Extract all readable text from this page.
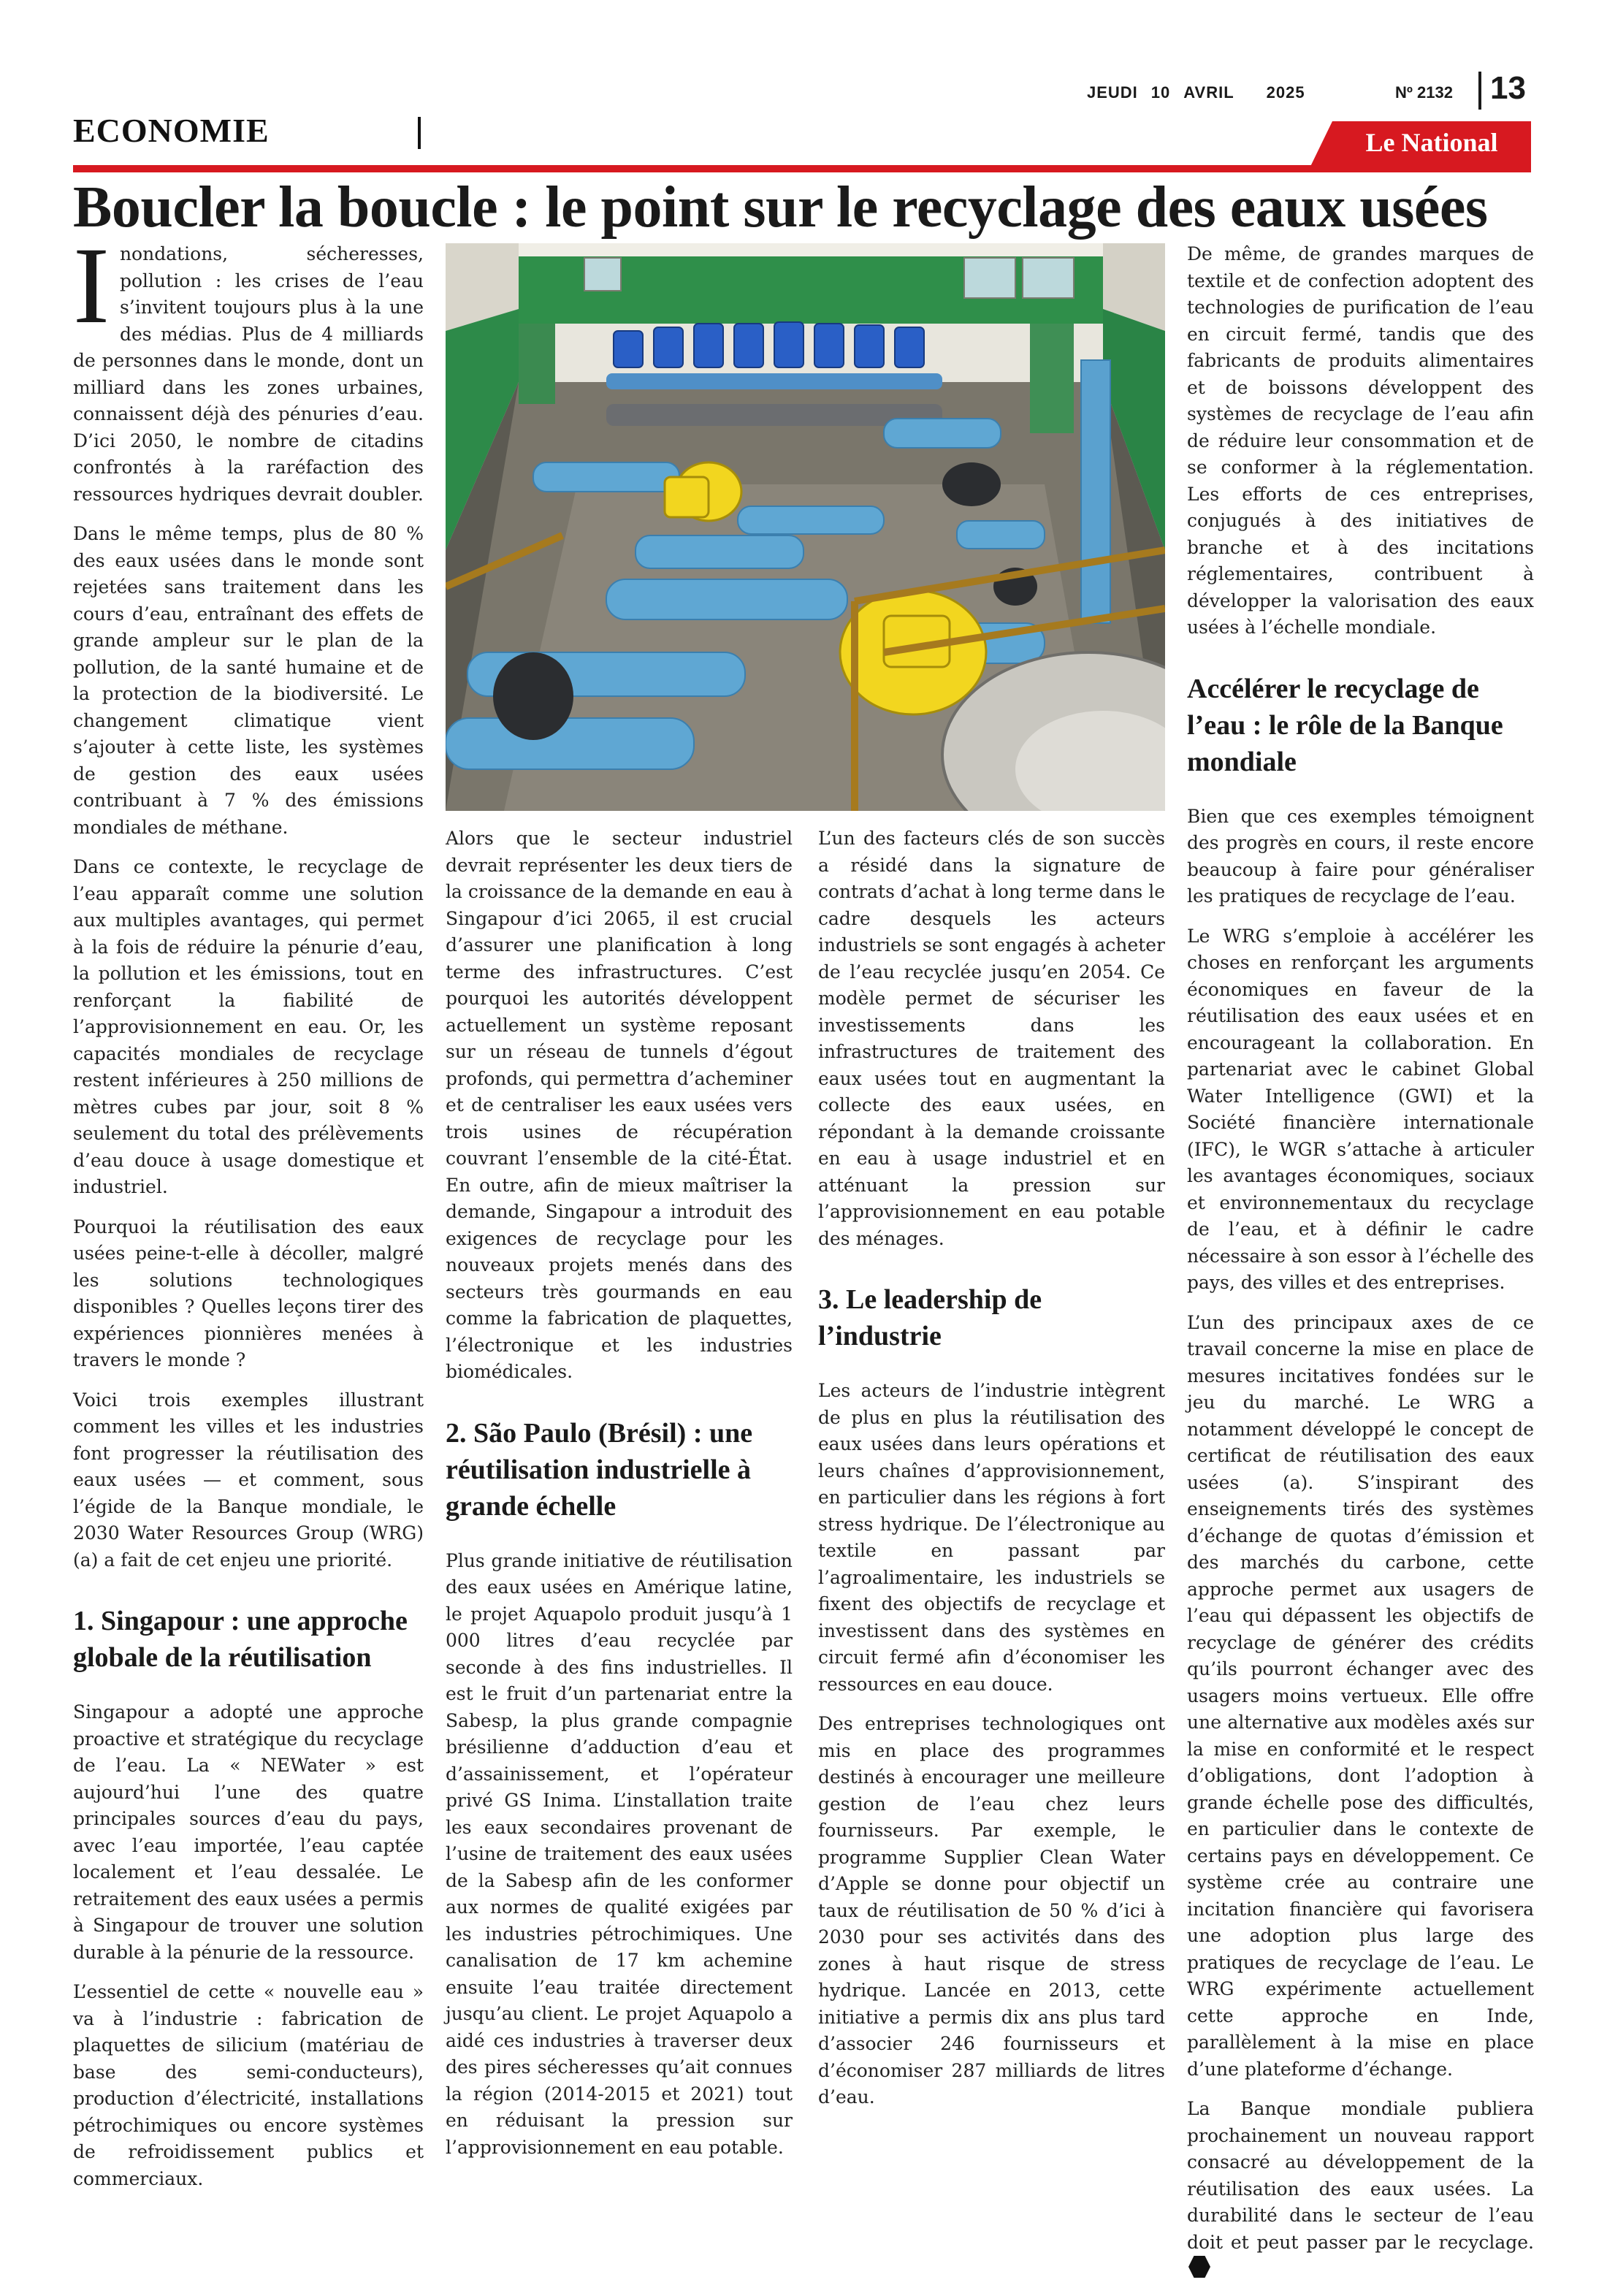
JEUDI 10 AVRIL 2025	Nº 2132 13
ECONOMIE	Le National
Boucler la boucle : le point sur le recyclage des eaux usées

Inondations, sécheresses, pollution : les crises de l’eau s’invitent toujours plus à la une des médias. Plus de 4 milliards de personnes dans le monde, dont un milliard dans les zones urbaines, connaissent déjà des pénuries d’eau. D’ici 2050, le nombre de citadins confrontés à la raréfaction des ressources hydriques devrait doubler.

Dans le même temps, plus de 80 % des eaux usées dans le monde sont rejetées sans traitement dans les cours d’eau, entraînant des effets de grande ampleur sur le plan de la pollution, de la santé humaine et de la protection de la biodiversité. Le changement climatique vient s’ajouter à cette liste, les systèmes de gestion des eaux usées contribuant à 7 % des émissions mondiales de méthane.

Dans ce contexte, le recyclage de l’eau apparaît comme une solution aux multiples avantages, qui permet à la fois de réduire la pénurie d’eau, la pollution et les émissions, tout en renforçant la fiabilité de l’approvisionnement en eau. Or, les capacités mondiales de recyclage restent inférieures à 250 millions de mètres cubes par jour, soit 8 % seulement du total des prélèvements d’eau douce à usage domestique et industriel.

Pourquoi la réutilisation des eaux usées peine-t-elle à décoller, malgré les solutions technologiques disponibles ? Quelles leçons tirer des expériences pionnières menées à travers le monde ?

Voici trois exemples illustrant comment les villes et les industries font progresser la réutilisation des eaux usées — et comment, sous l’égide de la Banque mondiale, le 2030 Water Resources Group (WRG) (a) a fait de cet enjeu une priorité.

1. Singapour : une approche globale de la réutilisation

Singapour a adopté une approche proactive et stratégique du recyclage de l’eau. La « NEWater » est aujourd’hui l’une des quatre principales sources d’eau du pays, avec l’eau importée, l’eau captée localement et l’eau dessalée. Le retraitement des eaux usées a permis à Singapour de trouver une solution durable à la pénurie de la ressource.

L’essentiel de cette « nouvelle eau » va à l’industrie : fabrication de plaquettes de silicium (matériau de base des semi-conducteurs), production d’électricité, installations pétrochimiques ou encore systèmes de refroidissement publics et commerciaux.

Alors que le secteur industriel devrait représenter les deux tiers de la croissance de la demande en eau à Singapour d’ici 2065, il est crucial d’assurer une planification à long terme des infrastructures. C’est pourquoi les autorités développent actuellement un système reposant sur un réseau de tunnels d’égout profonds, qui permettra d’acheminer et de centraliser les eaux usées vers trois usines de récupération couvrant l’ensemble de la cité-État. En outre, afin de mieux maîtriser la demande, Singapour a introduit des exigences de recyclage pour les nouveaux projets menés dans des secteurs très gourmands en eau comme la fabrication de plaquettes, l’électronique et les industries biomédicales.

2. São Paulo (Brésil) : une réutilisation industrielle à grande échelle

Plus grande initiative de réutilisation des eaux usées en Amérique latine, le projet Aquapolo produit jusqu’à 1 000 litres d’eau recyclée par seconde à des fins industrielles. Il est le fruit d’un partenariat entre la Sabesp, la plus grande compagnie brésilienne d’adduction d’eau et d’assainissement, et l’opérateur privé GS Inima. L’installation traite les eaux secondaires provenant de l’usine de traitement des eaux usées de la Sabesp afin de les conformer aux normes de qualité exigées par les industries pétrochimiques. Une canalisation de 17 km achemine ensuite l’eau traitée directement jusqu’au client. Le projet Aquapolo a aidé ces industries à traverser deux des pires sécheresses qu’ait connues la région (2014-2015 et 2021) tout en réduisant la pression sur l’approvisionnement en eau potable.

L’un des facteurs clés de son succès a résidé dans la signature de contrats d’achat à long terme dans le cadre desquels les acteurs industriels se sont engagés à acheter de l’eau recyclée jusqu’en 2054. Ce modèle permet de sécuriser les investissements dans les infrastructures de traitement des eaux usées tout en augmentant la collecte des eaux usées, en répondant à la demande croissante en eau à usage industriel et en atténuant la pression sur l’approvisionnement en eau potable des ménages.

3. Le leadership de l’industrie

Les acteurs de l’industrie intègrent de plus en plus la réutilisation des eaux usées dans leurs opérations et leurs chaînes d’approvisionnement, en particulier dans les régions à fort stress hydrique. De l’électronique au textile en passant par l’agroalimentaire, les industriels se fixent des objectifs de recyclage et investissent dans des systèmes en circuit fermé afin d’économiser les ressources en eau douce.

Des entreprises technologiques ont mis en place des programmes destinés à encourager une meilleure gestion de l’eau chez leurs fournisseurs. Par exemple, le programme Supplier Clean Water d’Apple se donne pour objectif un taux de réutilisation de 50 % d’ici à 2030 pour ses activités dans des zones à haut risque de stress hydrique. Lancée en 2013, cette initiative a permis dix ans plus tard d’associer 246 fournisseurs et d’économiser 287 milliards de litres d’eau.

De même, de grandes marques de textile et de confection adoptent des technologies de purification de l’eau en circuit fermé, tandis que des fabricants de produits alimentaires et de boissons développent des systèmes de recyclage de l’eau afin de réduire leur consommation et de se conformer à la réglementation. Les efforts de ces entreprises, conjugués à des initiatives de branche et à des incitations réglementaires, contribuent à développer la valorisation des eaux usées à l’échelle mondiale.

Accélérer le recyclage de l’eau : le rôle de la Banque mondiale

Bien que ces exemples témoignent des progrès en cours, il reste encore beaucoup à faire pour généraliser les pratiques de recyclage de l’eau.

Le WRG s’emploie à accélérer les choses en renforçant les arguments économiques en faveur de la réutilisation des eaux usées et en encourageant la collaboration. En partenariat avec le cabinet Global Water Intelligence (GWI) et la Société financière internationale (IFC), le WGR s’attache à articuler les avantages économiques, sociaux et environnementaux du recyclage de l’eau, et à définir le cadre nécessaire à son essor à l’échelle des pays, des villes et des entreprises.

L’un des principaux axes de ce travail concerne la mise en place de mesures incitatives fondées sur le jeu du marché. Le WRG a notamment développé le concept de certificat de réutilisation des eaux usées (a). S’inspirant des enseignements tirés des systèmes d’échange de quotas d’émission et des marchés du carbone, cette approche permet aux usagers de l’eau qui dépassent les objectifs de recyclage de générer des crédits qu’ils pourront échanger avec des usagers moins vertueux. Elle offre une alternative aux modèles axés sur la mise en conformité et le respect d’obligations, dont l’adoption à grande échelle pose des difficultés, en particulier dans le contexte de certains pays en développement. Ce système crée au contraire une incitation financière qui favorisera une adoption plus large des pratiques de recyclage de l’eau. Le WRG expérimente actuellement cette approche en Inde, parallèlement à la mise en place d’une plateforme d’échange.

La Banque mondiale publiera prochainement un nouveau rapport consacré au développement de la réutilisation des eaux usées. La durabilité dans le secteur de l’eau doit et peut passer par le recyclage.
